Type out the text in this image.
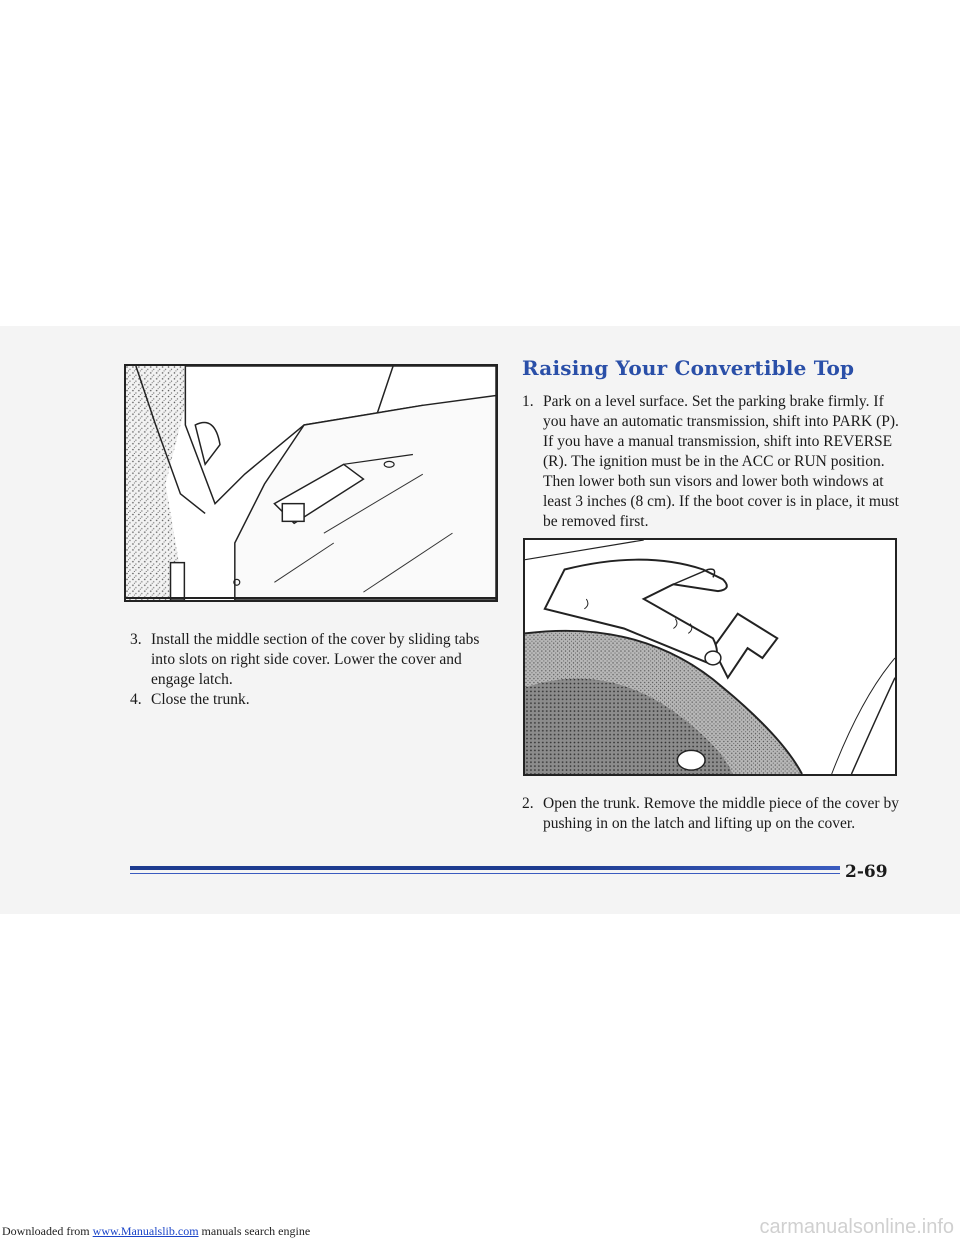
Raising Your Convertible Top

1. Park on a level surface. Set the parking brake firmly. If you have an automatic transmission, shift into PARK (P). If you have a manual transmission, shift into REVERSE (R). The ignition must be in the ACC or RUN position. Then lower both sun visors and lower both windows at least 3 inches (8 cm). If the boot cover is in place, it must be removed first.

2. Open the trunk. Remove the middle piece of the cover by pushing in on the latch and lifting up on the cover.

3. Install the middle section of the cover by sliding tabs into slots on right side cover. Lower the cover and engage latch.

4. Close the trunk.

2-69

Downloaded from www.Manualslib.com manuals search engine	carmanualsonline.info
